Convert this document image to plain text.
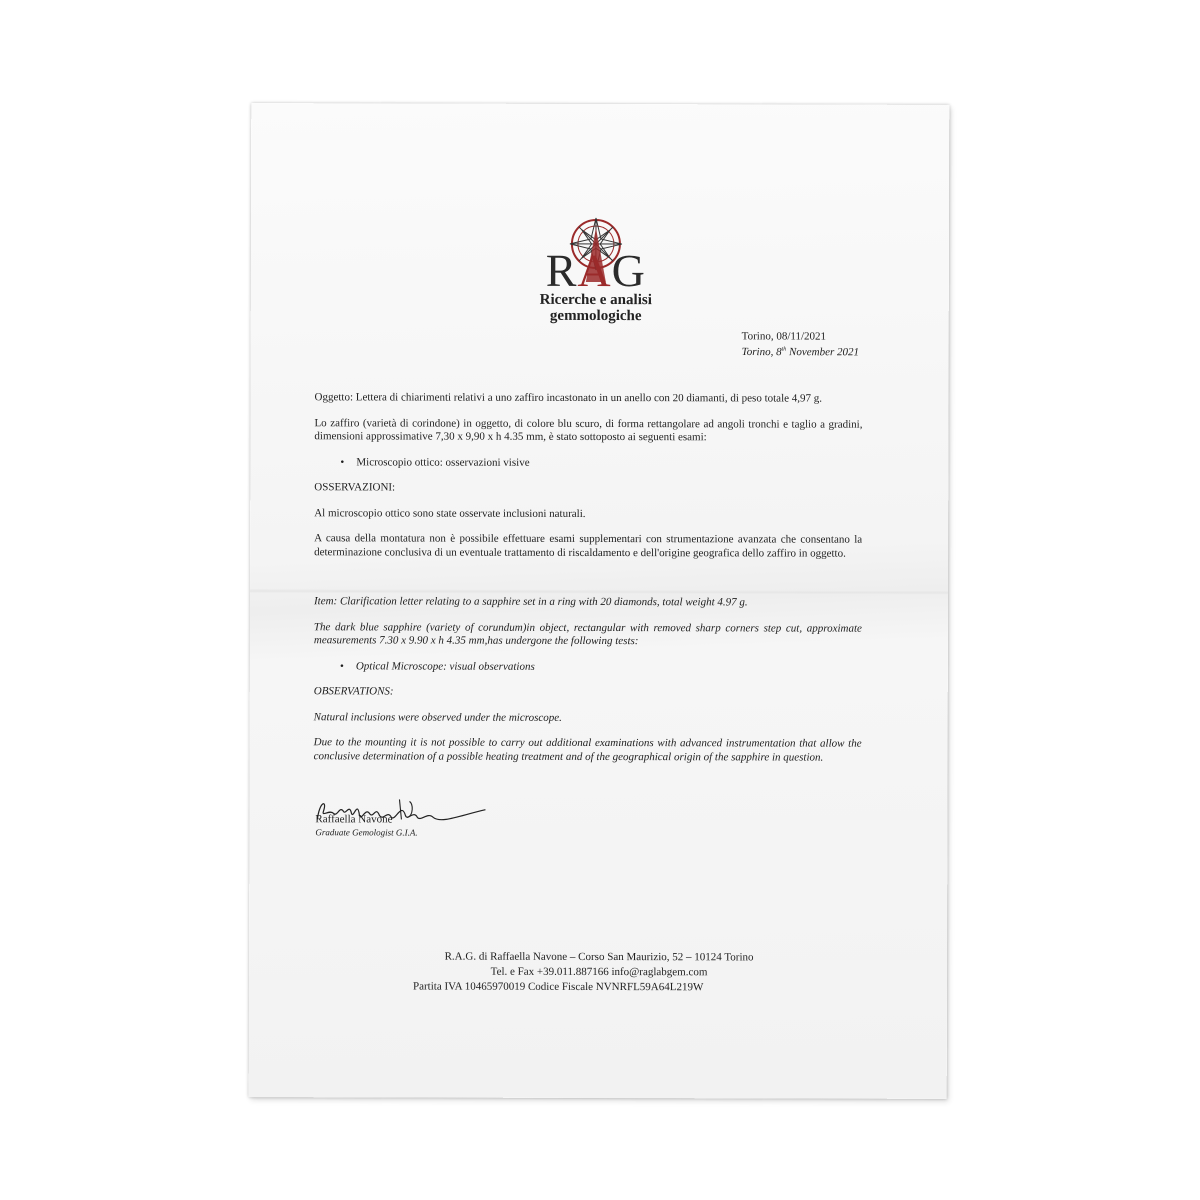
RAG
Ricerche e analisi
gemmologiche
Torino, 08/11/2021
Torino, 8th November 2021

Oggetto: Lettera di chiarimenti relativi a uno zaffiro incastonato in un anello con 20 diamanti, di peso totale 4,97 g.

Lo zaffiro (varietà di corindone) in oggetto, di colore blu scuro, di forma rettangolare ad angoli tronchi e taglio a gradini, dimensioni approssimative 7,30 x 9,90 x h 4.35 mm, è stato sottoposto ai seguenti esami:

• Microscopio ottico: osservazioni visive

OSSERVAZIONI:

Al microscopio ottico sono state osservate inclusioni naturali.

A causa della montatura non è possibile effettuare esami supplementari con strumentazione avanzata che consentano la determinazione conclusiva di un eventuale trattamento di riscaldamento e dell'origine geografica dello zaffiro in oggetto.

Item: Clarification letter relating to a sapphire set in a ring with 20 diamonds, total weight 4.97 g.

The dark blue sapphire (variety of corundum)in object, rectangular with removed sharp corners step cut, approximate measurements 7.30 x 9.90 x h 4.35 mm,has undergone the following tests:

• Optical Microscope: visual observations

OBSERVATIONS:

Natural inclusions were observed under the microscope.

Due to the mounting it is not possible to carry out additional examinations with advanced instrumentation that allow the conclusive determination of a possible heating treatment and of the geographical origin of the sapphire in question.

Raffaella Navone
Graduate Gemologist G.I.A.
R.A.G. di Raffaella Navone – Corso San Maurizio, 52 – 10124 Torino
Tel. e Fax +39.011.887166 info@raglabgem.com
Partita IVA 10465970019 Codice Fiscale NVNRFL59A64L219W
